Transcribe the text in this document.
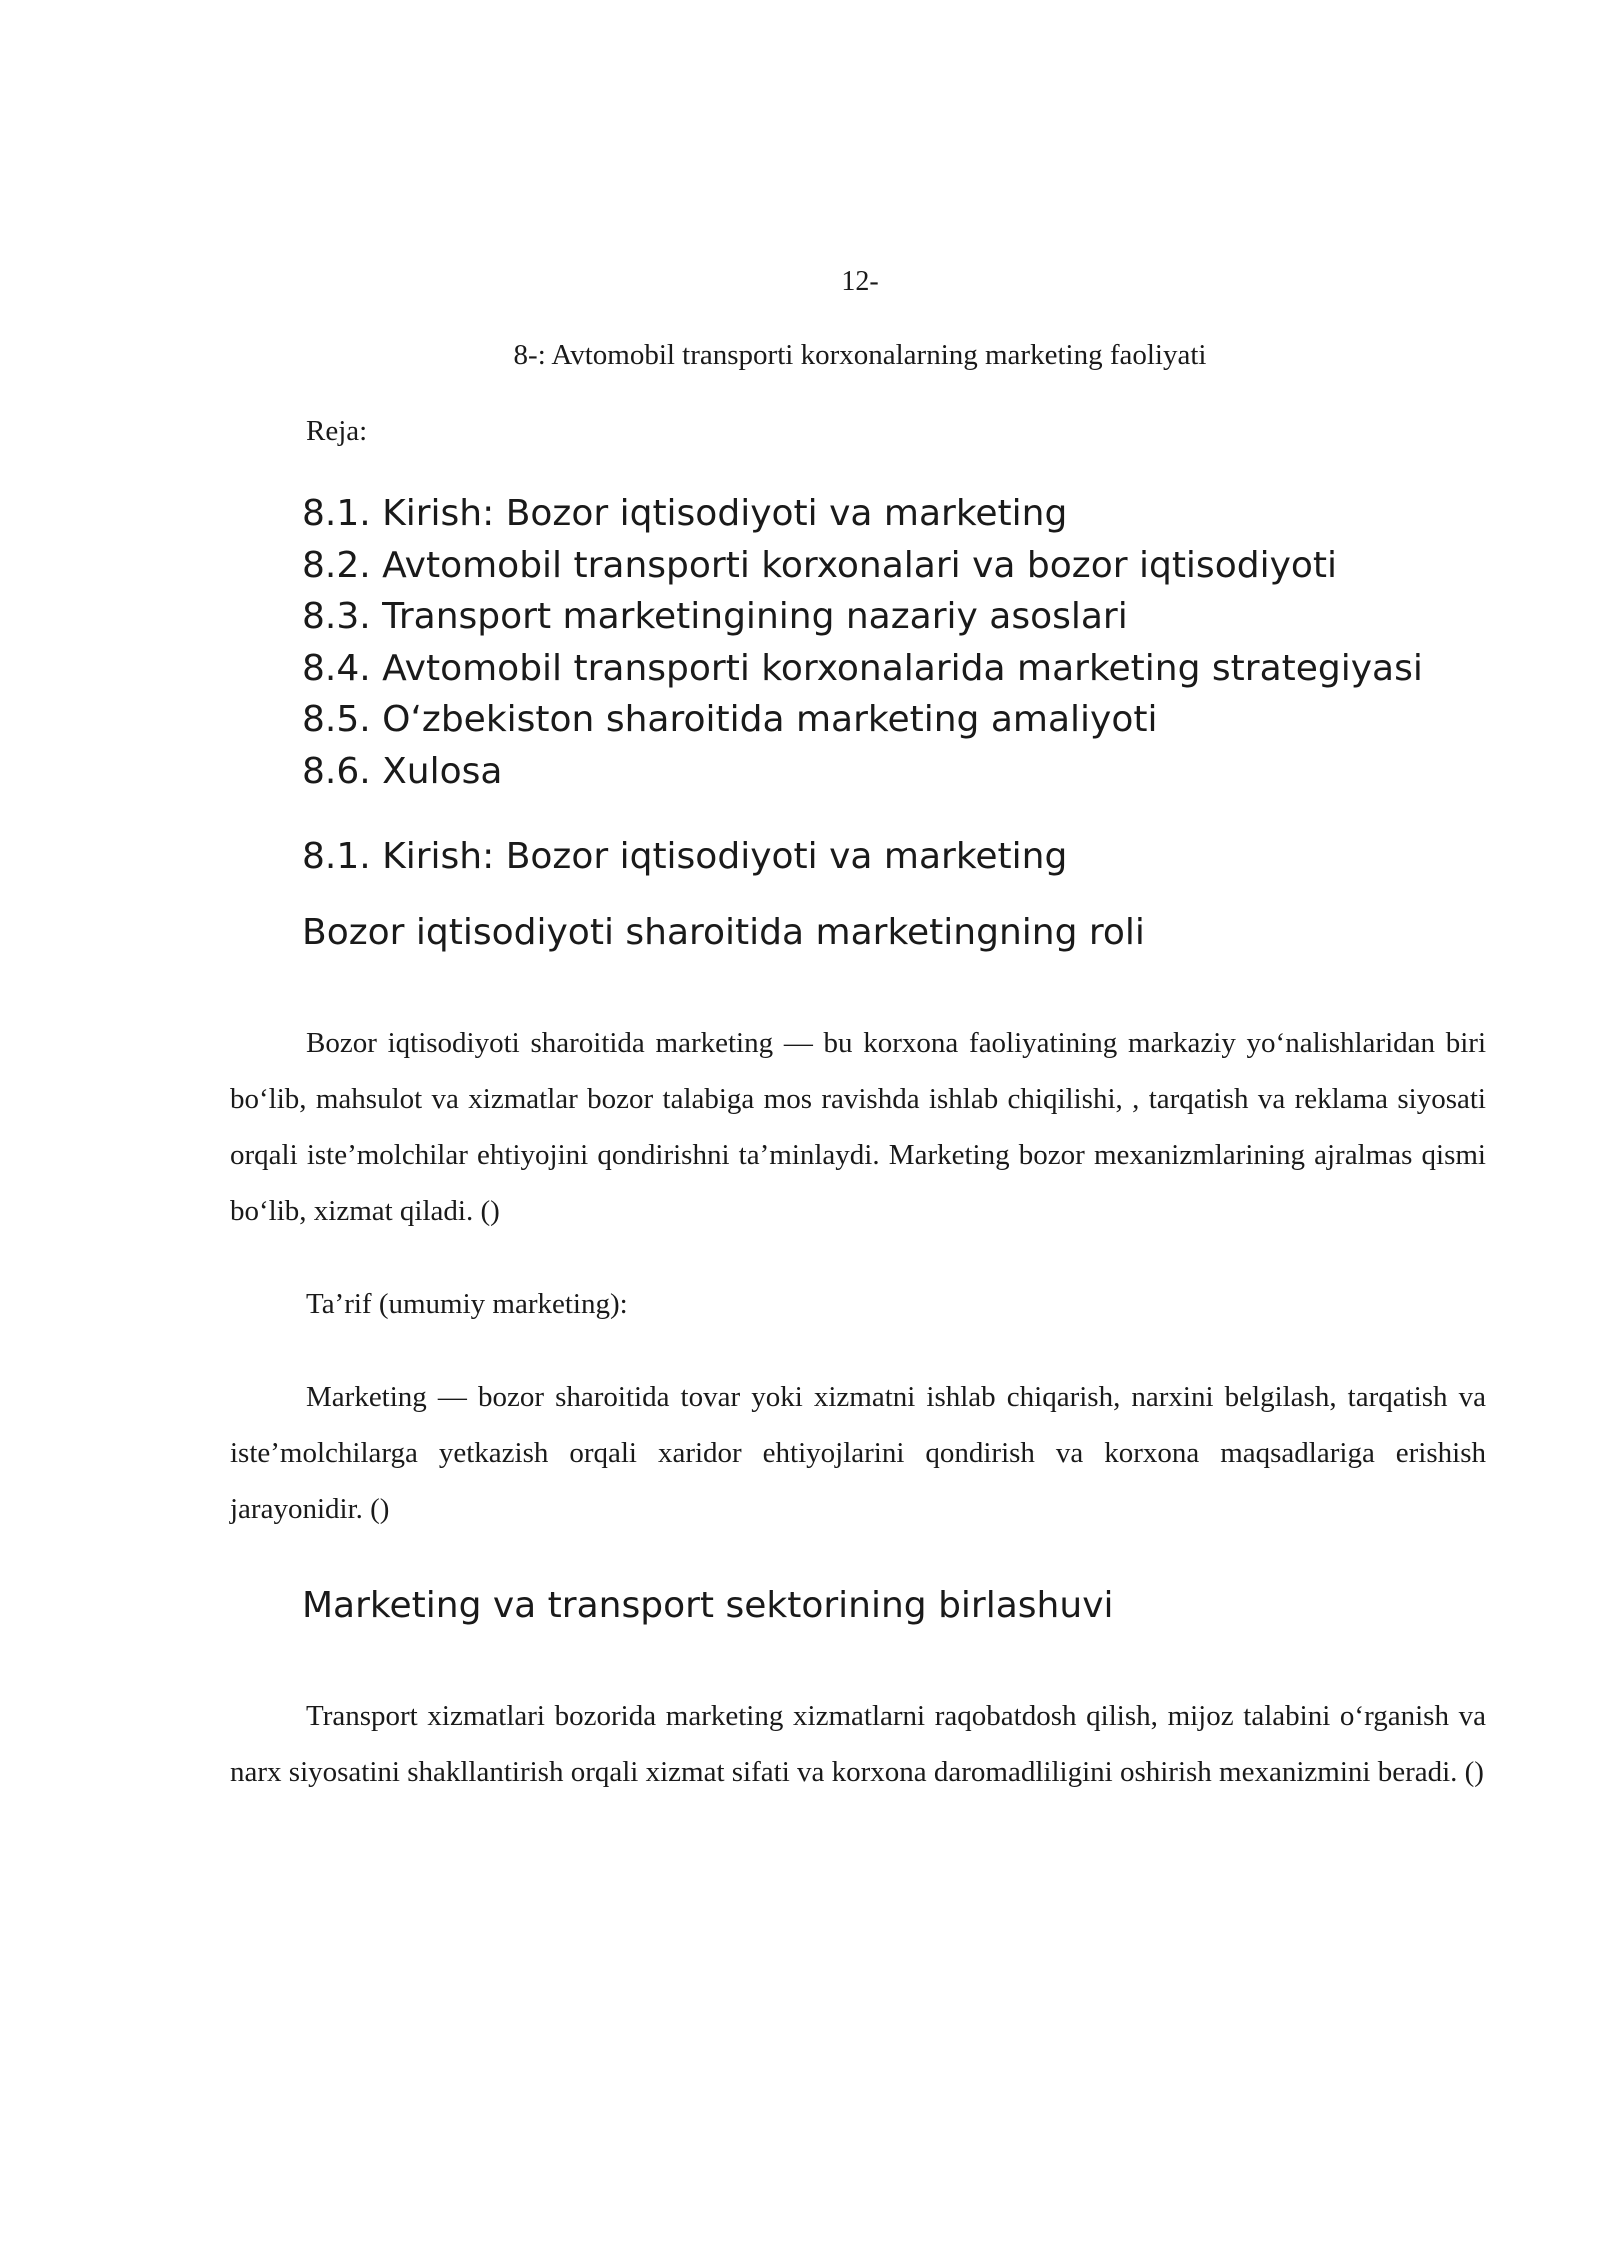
12-
8-: Avtomobil transporti korxonalarning marketing faoliyati
Reja:
8.1. Kirish: Bozor iqtisodiyoti va marketing
8.2. Avtomobil transporti korxonalari va bozor iqtisodiyoti
8.3. Transport marketingining nazariy asoslari
8.4. Avtomobil transporti korxonalarida marketing strategiyasi
8.5. O‘zbekiston sharoitida marketing amaliyoti
8.6. Xulosa
8.1. Kirish: Bozor iqtisodiyoti va marketing
Bozor iqtisodiyoti sharoitida marketingning roli

Bozor iqtisodiyoti sharoitida marketing — bu korxona faoliyatining markaziy yo‘nalishlaridan biri bo‘lib, mahsulot va xizmatlar bozor talabiga mos ravishda ishlab chiqilishi, , tarqatish va reklama siyosati orqali iste’molchilar ehtiyojini qondirishni ta’minlaydi. Marketing bozor mexanizmlarining ajralmas qismi bo‘lib, xizmat qiladi. ()

Ta’rif (umumiy marketing):

Marketing — bozor sharoitida tovar yoki xizmatni ishlab chiqarish, narxini belgilash, tarqatish va iste’molchilarga yetkazish orqali xaridor ehtiyojlarini qondirish va korxona maqsadlariga erishish jarayonidir. ()

Marketing va transport sektorining birlashuvi

Transport xizmatlari bozorida marketing xizmatlarni raqobatdosh qilish, mijoz talabini o‘rganish va narx siyosatini shakllantirish orqali xizmat sifati va korxona daromadliligini oshirish mexanizmini beradi. ()
